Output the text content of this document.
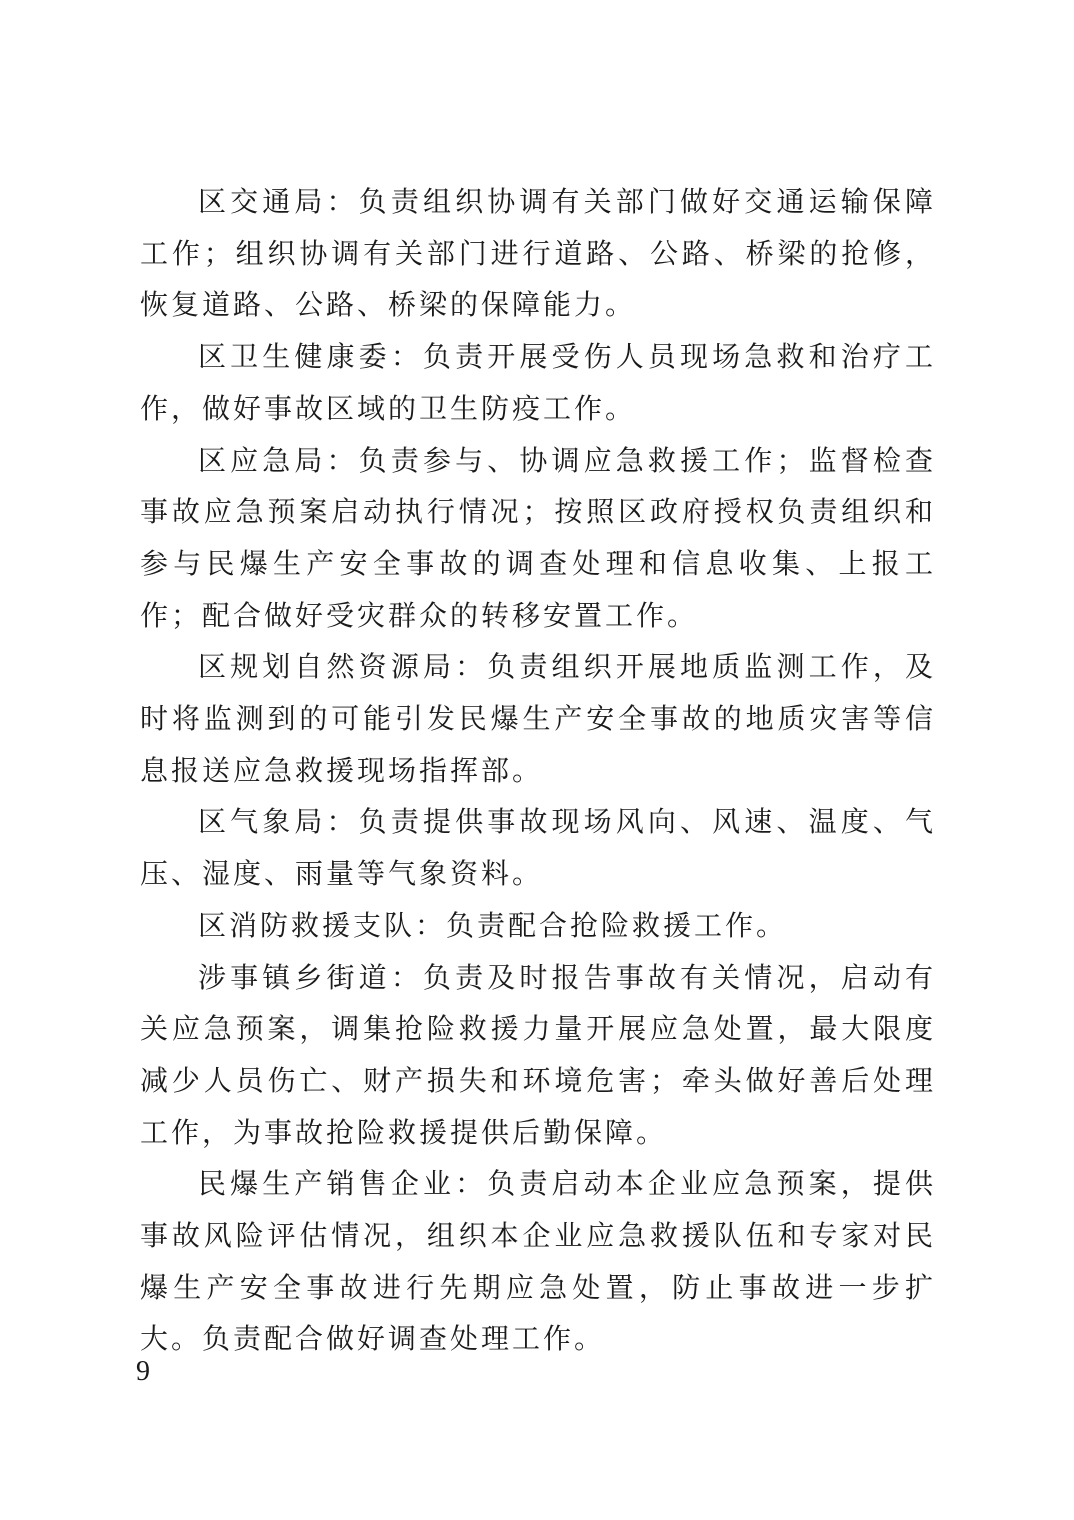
区交通局：负责组织协调有关部门做好交通运输保障工作；组织协调有关部门进行道路、公路、桥梁的抢修，恢复道路、公路、桥梁的保障能力。

区卫生健康委：负责开展受伤人员现场急救和治疗工作，做好事故区域的卫生防疫工作。

区应急局：负责参与、协调应急救援工作；监督检查事故应急预案启动执行情况；按照区政府授权负责组织和参与民爆生产安全事故的调查处理和信息收集、上报工作；配合做好受灾群众的转移安置工作。

区规划自然资源局：负责组织开展地质监测工作，及时将监测到的可能引发民爆生产安全事故的地质灾害等信息报送应急救援现场指挥部。

区气象局：负责提供事故现场风向、风速、温度、气压、湿度、雨量等气象资料。

区消防救援支队：负责配合抢险救援工作。

涉事镇乡街道：负责及时报告事故有关情况，启动有关应急预案，调集抢险救援力量开展应急处置，最大限度减少人员伤亡、财产损失和环境危害；牵头做好善后处理工作，为事故抢险救援提供后勤保障。

民爆生产销售企业：负责启动本企业应急预案，提供事故风险评估情况，组织本企业应急救援队伍和专家对民爆生产安全事故进行先期应急处置，防止事故进一步扩大。负责配合做好调查处理工作。

9
